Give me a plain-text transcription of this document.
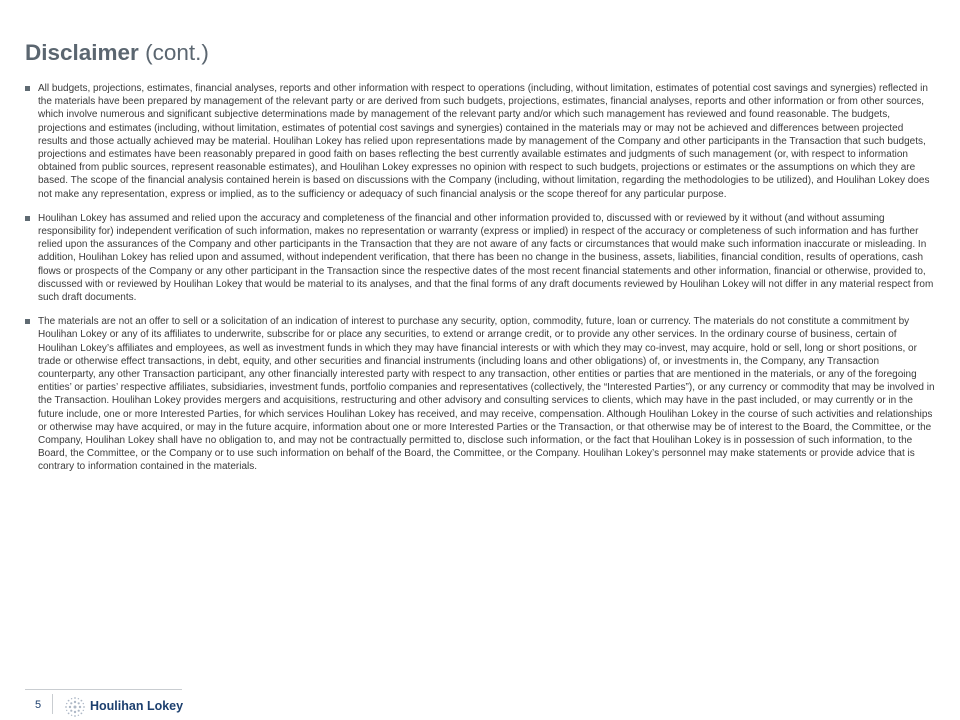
Disclaimer (cont.)
All budgets, projections, estimates, financial analyses, reports and other information with respect to operations (including, without limitation, estimates of potential cost savings and synergies) reflected in the materials have been prepared by management of the relevant party or are derived from such budgets, projections, estimates, financial analyses, reports and other information or from other sources, which involve numerous and significant subjective determinations made by management of the relevant party and/or which such management has reviewed and found reasonable. The budgets, projections and estimates (including, without limitation, estimates of potential cost savings and synergies) contained in the materials may or may not be achieved and differences between projected results and those actually achieved may be material. Houlihan Lokey has relied upon representations made by management of the Company and other participants in the Transaction that such budgets, projections and estimates have been reasonably prepared in good faith on bases reflecting the best currently available estimates and judgments of such management (or, with respect to information obtained from public sources, represent reasonable estimates), and Houlihan Lokey expresses no opinion with respect to such budgets, projections or estimates or the assumptions on which they are based. The scope of the financial analysis contained herein is based on discussions with the Company (including, without limitation, regarding the methodologies to be utilized), and Houlihan Lokey does not make any representation, express or implied, as to the sufficiency or adequacy of such financial analysis or the scope thereof for any particular purpose.
Houlihan Lokey has assumed and relied upon the accuracy and completeness of the financial and other information provided to, discussed with or reviewed by it without (and without assuming responsibility for) independent verification of such information, makes no representation or warranty (express or implied) in respect of the accuracy or completeness of such information and has further relied upon the assurances of the Company and other participants in the Transaction that they are not aware of any facts or circumstances that would make such information inaccurate or misleading. In addition, Houlihan Lokey has relied upon and assumed, without independent verification, that there has been no change in the business, assets, liabilities, financial condition, results of operations, cash flows or prospects of the Company or any other participant in the Transaction since the respective dates of the most recent financial statements and other information, financial or otherwise, provided to, discussed with or reviewed by Houlihan Lokey that would be material to its analyses, and that the final forms of any draft documents reviewed by Houlihan Lokey will not differ in any material respect from such draft documents.
The materials are not an offer to sell or a solicitation of an indication of interest to purchase any security, option, commodity, future, loan or currency. The materials do not constitute a commitment by Houlihan Lokey or any of its affiliates to underwrite, subscribe for or place any securities, to extend or arrange credit, or to provide any other services. In the ordinary course of business, certain of Houlihan Lokey’s affiliates and employees, as well as investment funds in which they may have financial interests or with which they may co-invest, may acquire, hold or sell, long or short positions, or trade or otherwise effect transactions, in debt, equity, and other securities and financial instruments (including loans and other obligations) of, or investments in, the Company, any Transaction counterparty, any other Transaction participant, any other financially interested party with respect to any transaction, other entities or parties that are mentioned in the materials, or any of the foregoing entities’ or parties’ respective affiliates, subsidiaries, investment funds, portfolio companies and representatives (collectively, the “Interested Parties”), or any currency or commodity that may be involved in the Transaction. Houlihan Lokey provides mergers and acquisitions, restructuring and other advisory and consulting services to clients, which may have in the past included, or may currently or in the future include, one or more Interested Parties, for which services Houlihan Lokey has received, and may receive, compensation. Although Houlihan Lokey in the course of such activities and relationships or otherwise may have acquired, or may in the future acquire, information about one or more Interested Parties or the Transaction, or that otherwise may be of interest to the Board, the Committee, or the Company, Houlihan Lokey shall have no obligation to, and may not be contractually permitted to, disclose such information, or the fact that Houlihan Lokey is in possession of such information, to the Board, the Committee, or the Company or to use such information on behalf of the Board, the Committee, or the Company. Houlihan Lokey’s personnel may make statements or provide advice that is contrary to information contained in the materials.
5	Houlihan Lokey
